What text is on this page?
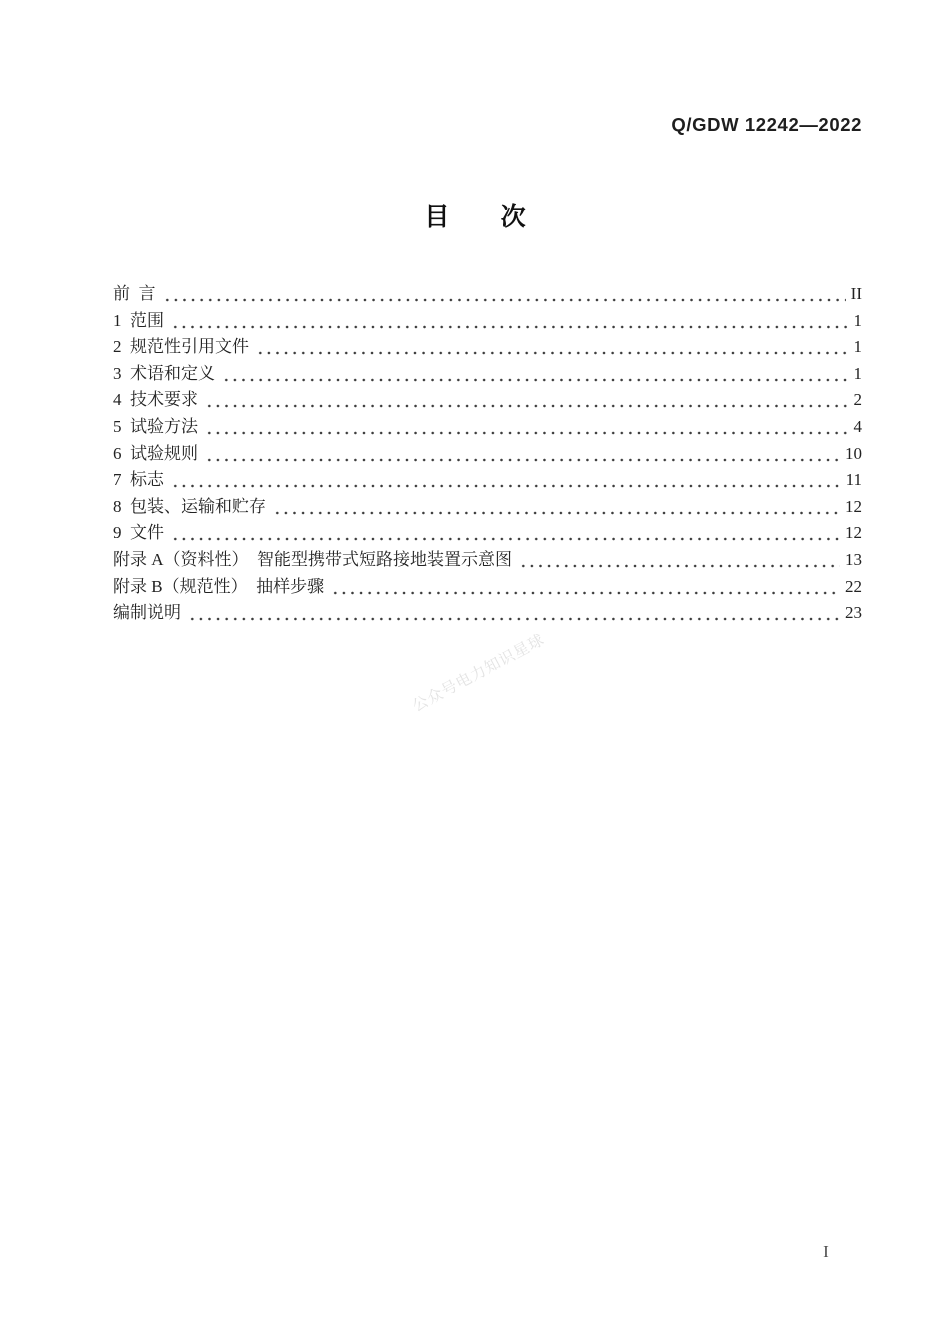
Q/GDW 12242—2022
目 次
前  言	II
1  范围	1
2  规范性引用文件	1
3  术语和定义	1
4  技术要求	2
5  试验方法	4
6  试验规则	10
7  标志	11
8  包装、运输和贮存	12
9  文件	12
附录 A（资料性）  智能型携带式短路接地装置示意图	13
附录 B（规范性）  抽样步骤	22
编制说明	23
公众号电力知识星球
I
